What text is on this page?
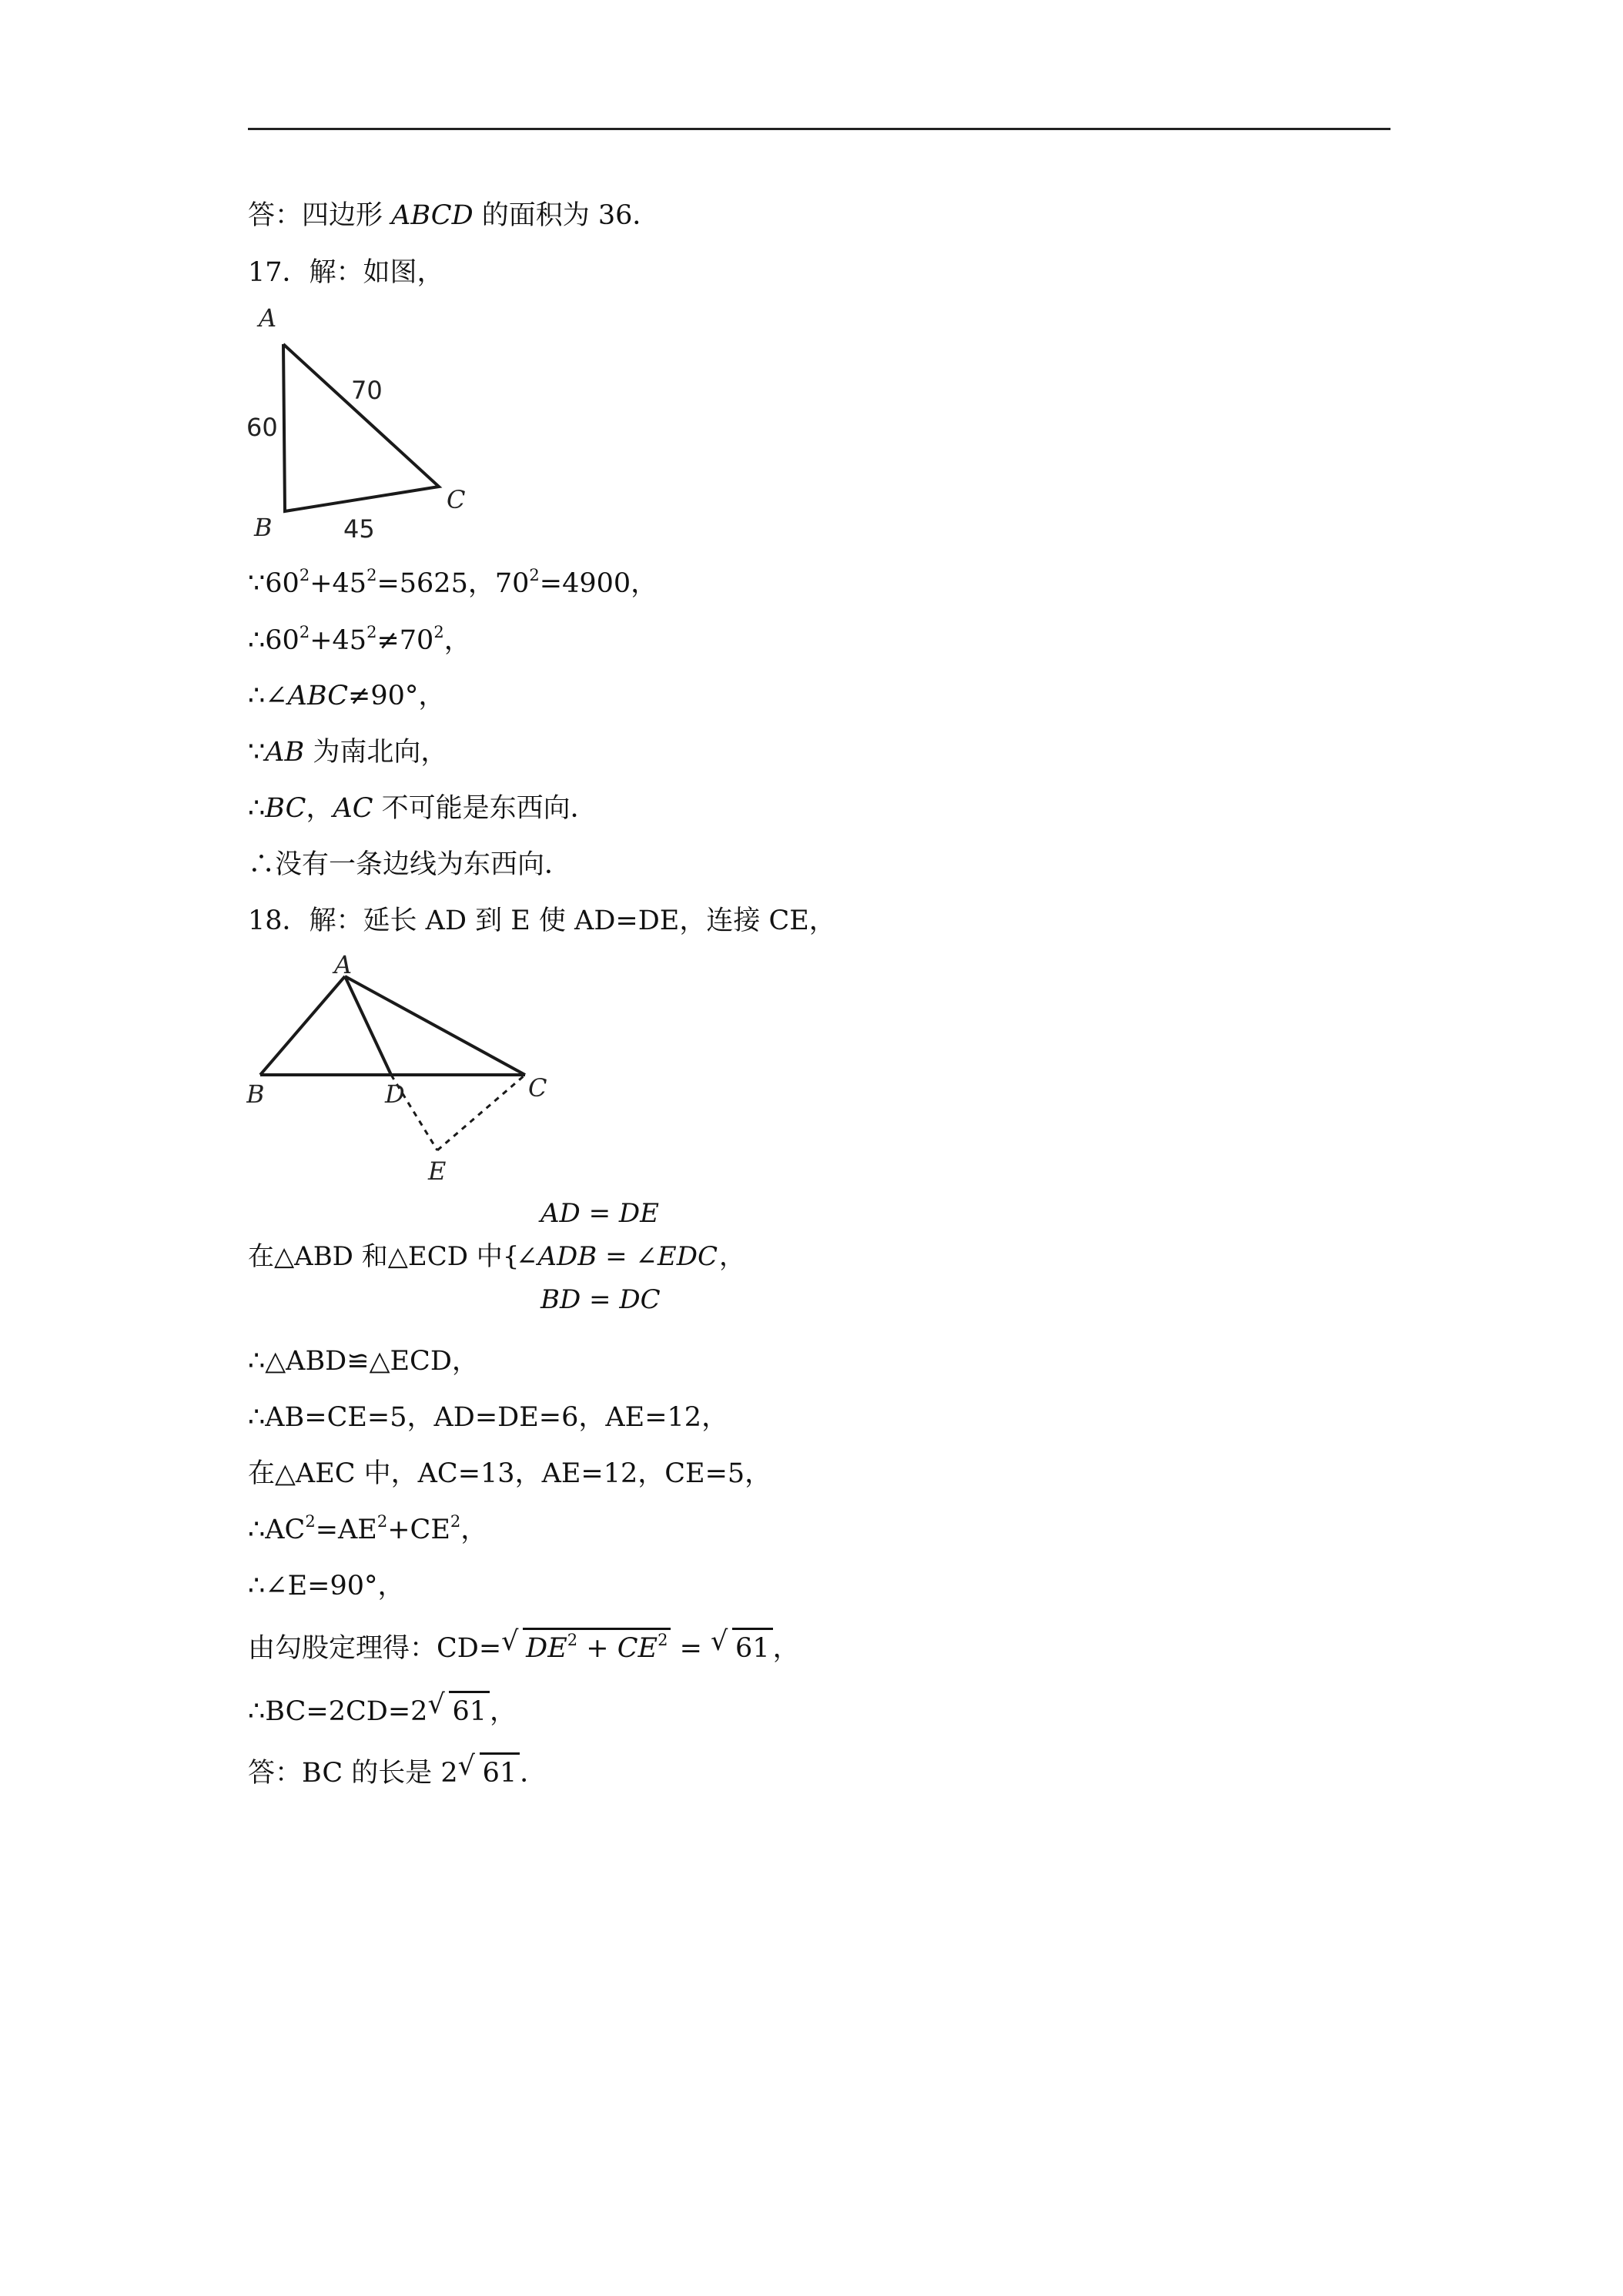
答：四边形 ABCD 的面积为 36．
17．解：如图，
A
B
C
60
70
45
$\because 60^2+45^2=5625$，$70^2=4900$，
$\therefore 60^2+45^2\ne 70^2$，
∴∠ABC≠90°，
∵AB 为南北向，
∴BC，AC 不可能是东西向．
∴没有一条边线为东西向．
18．解：延长 AD 到 E 使 AD=DE，连接 CE，
A
B	D	C
E
AD = DE
在△ABD 和△ECD 中{
∠ADB = ∠EDC ，
BD = DC
∴△ABD≌△ECD，
∴AB=CE=5，AD=DE=6，AE=12，
在△AEC 中，AC=13，AE=12，CE=5，
$\therefore AC^2=AE^2+CE^2$，
∴∠E=90°，
由勾股定理得：CD= √ $DE^2 + CE^2$ = √ 61 ，
∴BC=2CD=2 √ 61 ，
答：BC 的长是 2 √ 61 ．
